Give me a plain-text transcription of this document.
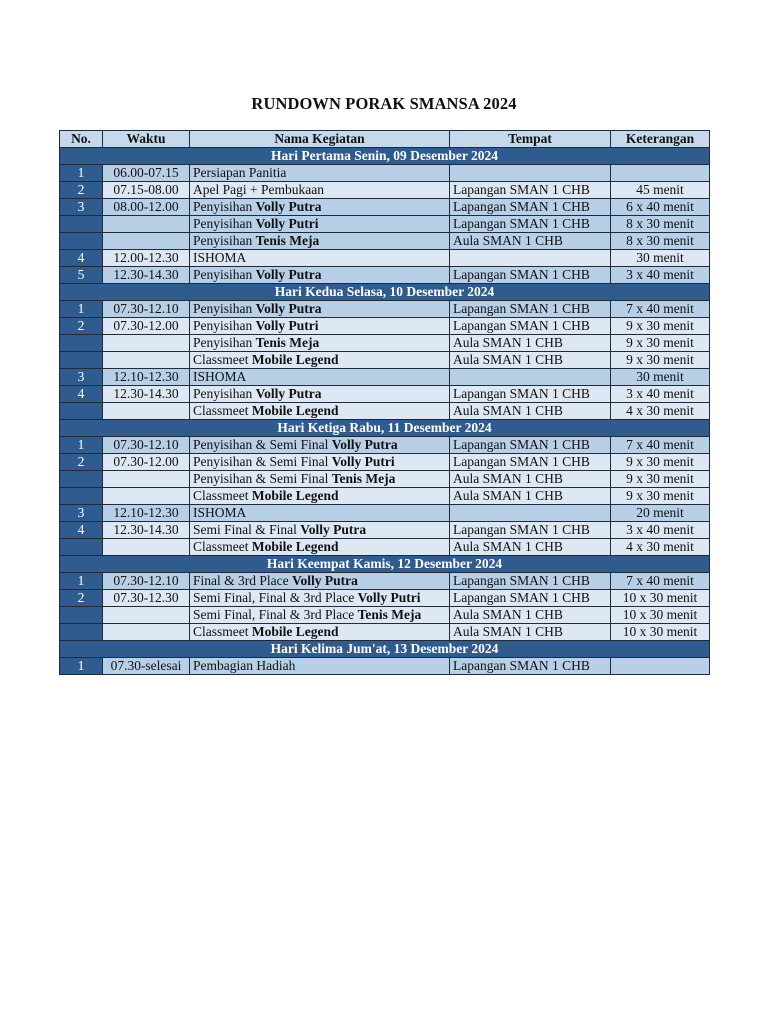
RUNDOWN PORAK SMANSA 2024
No.	Waktu	Nama Kegiatan	Tempat	Keterangan
Hari Pertama Senin, 09 Desember 2024				
1	06.00-07.15	Persiapan Panitia		
2	07.15-08.00	Apel Pagi + Pembukaan	Lapangan SMAN 1 CHB	45 menit
3	08.00-12.00	Penyisihan Volly Putra	Lapangan SMAN 1 CHB	6 x 40 menit
		Penyisihan Volly Putri	Lapangan SMAN 1 CHB	8 x 30 menit
		Penyisihan Tenis Meja	Aula SMAN 1 CHB	8 x 30 menit
4	12.00-12.30	ISHOMA		30 menit
5	12.30-14.30	Penyisihan Volly Putra	Lapangan SMAN 1 CHB	3 x 40 menit
Hari Kedua Selasa, 10 Desember 2024				
1	07.30-12.10	Penyisihan Volly Putra	Lapangan SMAN 1 CHB	7 x 40 menit
2	07.30-12.00	Penyisihan Volly Putri	Lapangan SMAN 1 CHB	9 x 30 menit
		Penyisihan Tenis Meja	Aula SMAN 1 CHB	9 x 30 menit
		Classmeet Mobile Legend	Aula SMAN 1 CHB	9 x 30 menit
3	12.10-12.30	ISHOMA		30 menit
4	12.30-14.30	Penyisihan Volly Putra	Lapangan SMAN 1 CHB	3 x 40 menit
		Classmeet Mobile Legend	Aula SMAN 1 CHB	4 x 30 menit
Hari Ketiga Rabu, 11 Desember 2024				
1	07.30-12.10	Penyisihan & Semi Final Volly Putra	Lapangan SMAN 1 CHB	7 x 40 menit
2	07.30-12.00	Penyisihan & Semi Final Volly Putri	Lapangan SMAN 1 CHB	9 x 30 menit
		Penyisihan & Semi Final Tenis Meja	Aula SMAN 1 CHB	9 x 30 menit
		Classmeet Mobile Legend	Aula SMAN 1 CHB	9 x 30 menit
3	12.10-12.30	ISHOMA		20 menit
4	12.30-14.30	Semi Final & Final Volly Putra	Lapangan SMAN 1 CHB	3 x 40 menit
		Classmeet Mobile Legend	Aula SMAN 1 CHB	4 x 30 menit
Hari Keempat Kamis, 12 Desember 2024				
1	07.30-12.10	Final & 3rd Place Volly Putra	Lapangan SMAN 1 CHB	7 x 40 menit
2	07.30-12.30	Semi Final, Final & 3rd Place Volly Putri	Lapangan SMAN 1 CHB	10 x 30 menit
		Semi Final, Final & 3rd Place Tenis Meja	Aula SMAN 1 CHB	10 x 30 menit
		Classmeet Mobile Legend	Aula SMAN 1 CHB	10 x 30 menit
Hari Kelima Jum'at, 13 Desember 2024				
1	07.30-selesai	Pembagian Hadiah	Lapangan SMAN 1 CHB	
